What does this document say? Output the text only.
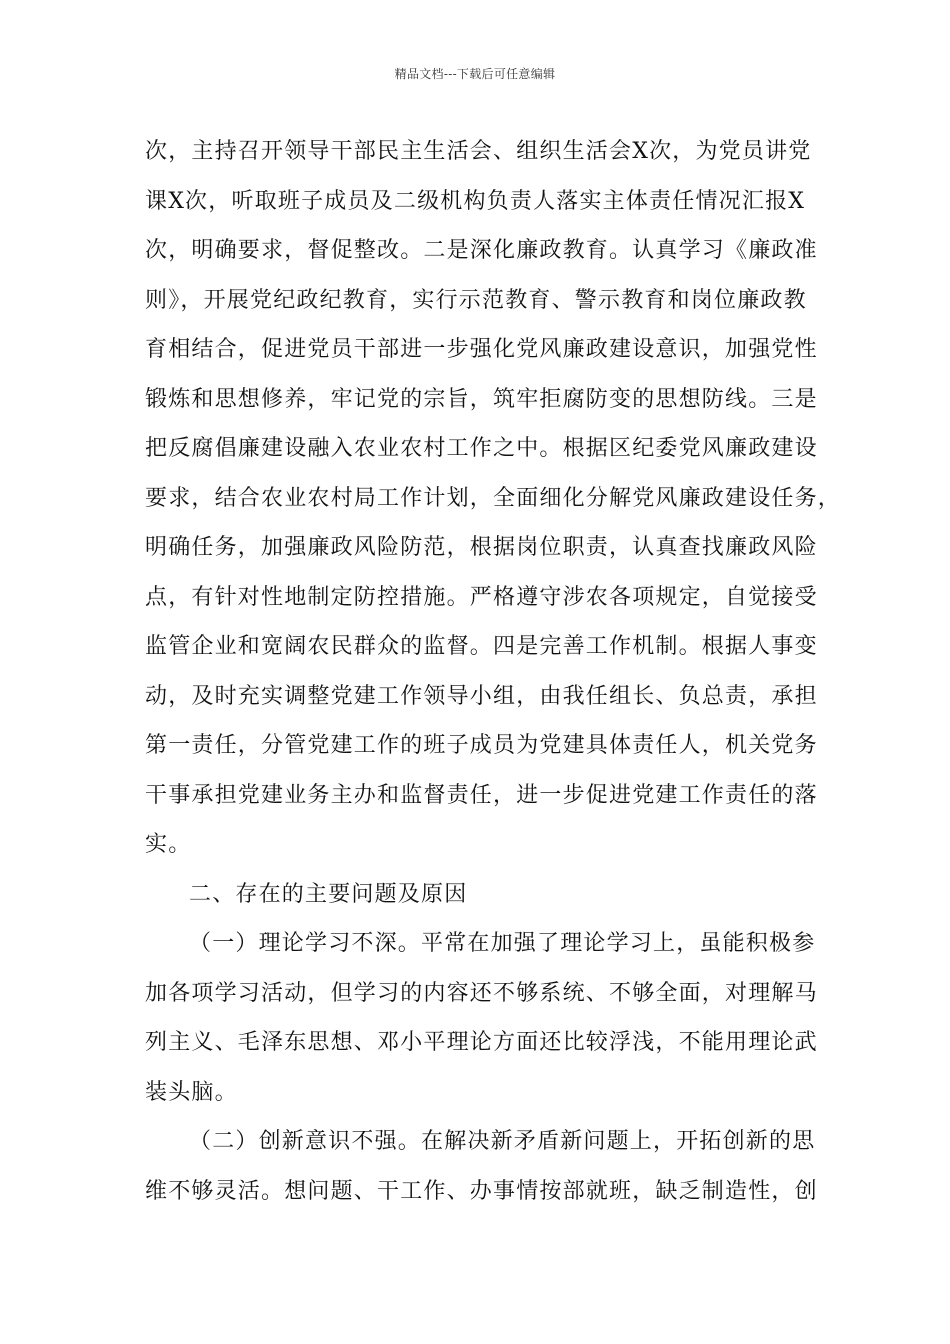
精品文档---下载后可任意编辑

次，主持召开领导干部民主生活会、组织生活会X次，为党员讲党
课X次，听取班子成员及二级机构负责人落实主体责任情况汇报X
次，明确要求，督促整改。二是深化廉政教育。认真学习《廉政准
则》，开展党纪政纪教育，实行示范教育、警示教育和岗位廉政教
育相结合，促进党员干部进一步强化党风廉政建设意识，加强党性
锻炼和思想修养，牢记党的宗旨，筑牢拒腐防变的思想防线。三是
把反腐倡廉建设融入农业农村工作之中。根据区纪委党风廉政建设
要求，结合农业农村局工作计划，全面细化分解党风廉政建设任务，
明确任务，加强廉政风险防范，根据岗位职责，认真查找廉政风险
点，有针对性地制定防控措施。严格遵守涉农各项规定，自觉接受
监管企业和宽阔农民群众的监督。四是完善工作机制。根据人事变
动，及时充实调整党建工作领导小组，由我任组长、负总责，承担
第一责任，分管党建工作的班子成员为党建具体责任人，机关党务
干事承担党建业务主办和监督责任，进一步促进党建工作责任的落
实。

二、存在的主要问题及原因

（一）理论学习不深。平常在加强了理论学习上，虽能积极参
加各项学习活动，但学习的内容还不够系统、不够全面，对理解马
列主义、毛泽东思想、邓小平理论方面还比较浮浅，不能用理论武
装头脑。

（二）创新意识不强。在解决新矛盾新问题上，开拓创新的思
维不够灵活。想问题、干工作、办事情按部就班，缺乏制造性，创
